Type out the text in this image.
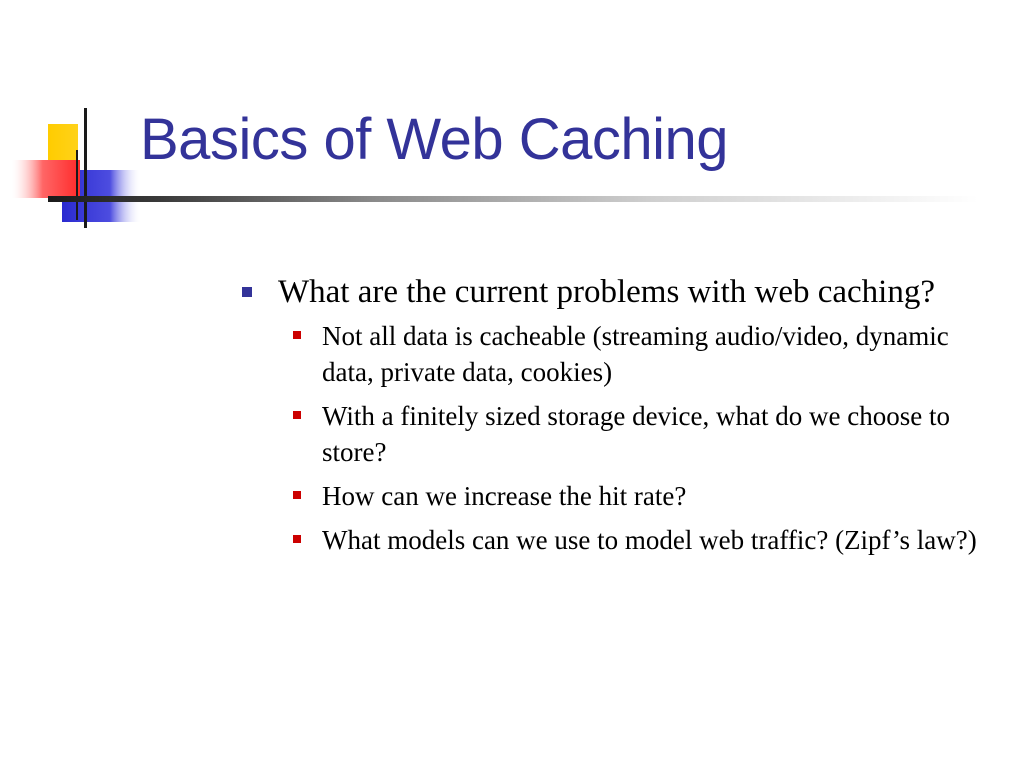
Basics of Web Caching
What are the current problems with web caching?
Not all data is cacheable (streaming audio/video, dynamic data, private data, cookies)
With a finitely sized storage device, what do we choose to store?
How can we increase the hit rate?
What models can we use to model web traffic? (Zipf’s law?)
